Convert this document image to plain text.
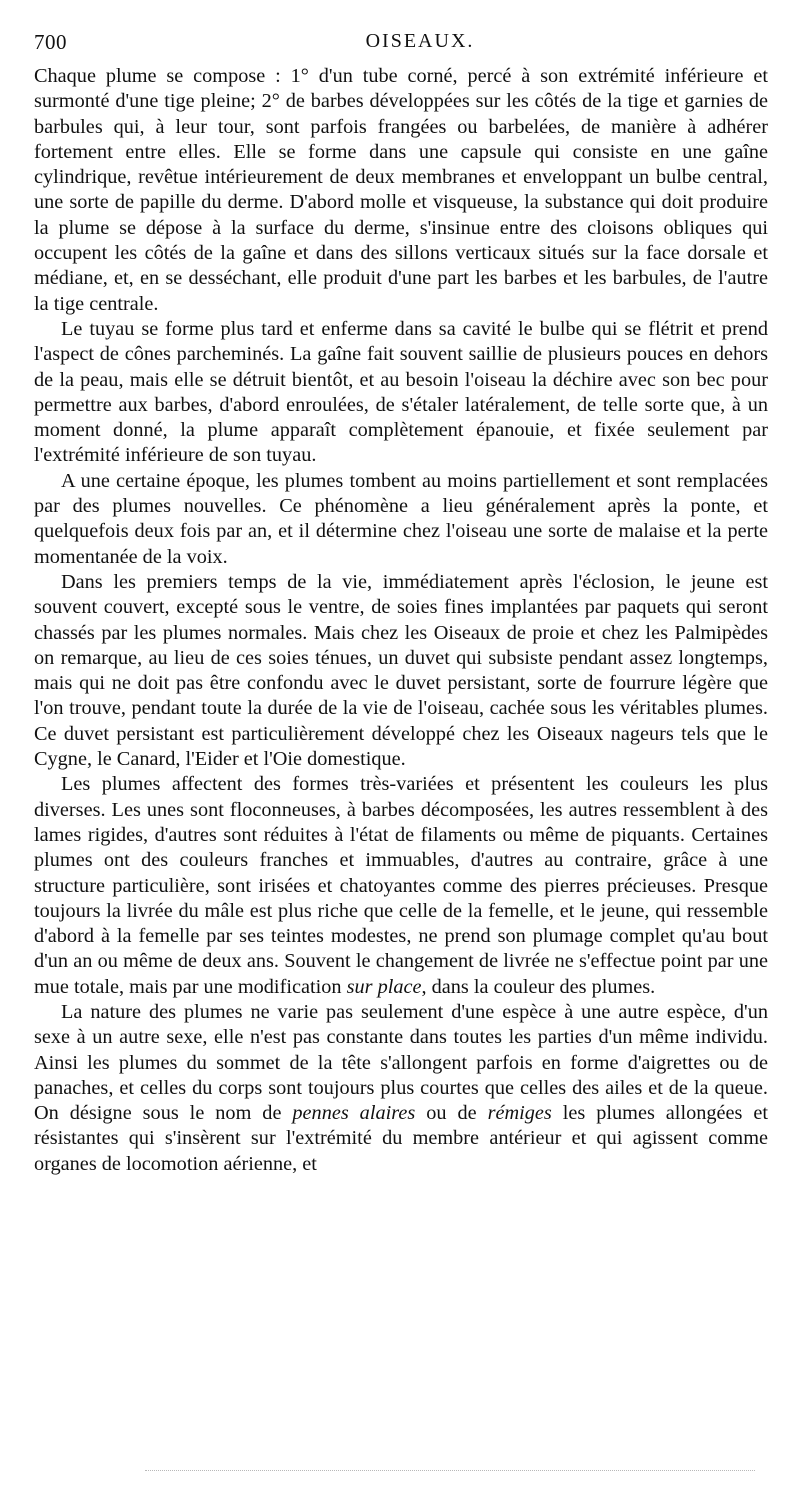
700	OISEAUX.

Chaque plume se compose : 1° d'un tube corné, percé à son extrémité inférieure et surmonté d'une tige pleine; 2° de barbes développées sur les côtés de la tige et garnies de barbules qui, à leur tour, sont parfois frangées ou barbelées, de manière à adhérer fortement entre elles. Elle se forme dans une capsule qui consiste en une gaîne cylindrique, revêtue intérieurement de deux membranes et enveloppant un bulbe central, une sorte de papille du derme. D'abord molle et visqueuse, la substance qui doit produire la plume se dépose à la surface du derme, s'insinue entre des cloisons obliques qui occupent les côtés de la gaîne et dans des sillons verticaux situés sur la face dorsale et médiane, et, en se desséchant, elle produit d'une part les barbes et les barbules, de l'autre la tige centrale.

Le tuyau se forme plus tard et enferme dans sa cavité le bulbe qui se flétrit et prend l'aspect de cônes parcheminés. La gaîne fait souvent saillie de plusieurs pouces en dehors de la peau, mais elle se détruit bientôt, et au besoin l'oiseau la déchire avec son bec pour permettre aux barbes, d'abord enroulées, de s'étaler latéralement, de telle sorte que, à un moment donné, la plume apparaît complètement épanouie, et fixée seulement par l'extrémité inférieure de son tuyau.

A une certaine époque, les plumes tombent au moins partiellement et sont remplacées par des plumes nouvelles. Ce phénomène a lieu généralement après la ponte, et quelquefois deux fois par an, et il détermine chez l'oiseau une sorte de malaise et la perte momentanée de la voix.

Dans les premiers temps de la vie, immédiatement après l'éclosion, le jeune est souvent couvert, excepté sous le ventre, de soies fines implantées par paquets qui seront chassés par les plumes normales. Mais chez les Oiseaux de proie et chez les Palmipèdes on remarque, au lieu de ces soies ténues, un duvet qui subsiste pendant assez longtemps, mais qui ne doit pas être confondu avec le duvet persistant, sorte de fourrure légère que l'on trouve, pendant toute la durée de la vie de l'oiseau, cachée sous les véritables plumes. Ce duvet persistant est particulièrement développé chez les Oiseaux nageurs tels que le Cygne, le Canard, l'Eider et l'Oie domestique.

Les plumes affectent des formes très-variées et présentent les couleurs les plus diverses. Les unes sont floconneuses, à barbes décomposées, les autres ressemblent à des lames rigides, d'autres sont réduites à l'état de filaments ou même de piquants. Certaines plumes ont des couleurs franches et immuables, d'autres au contraire, grâce à une structure particulière, sont irisées et chatoyantes comme des pierres précieuses. Presque toujours la livrée du mâle est plus riche que celle de la femelle, et le jeune, qui ressemble d'abord à la femelle par ses teintes modestes, ne prend son plumage complet qu'au bout d'un an ou même de deux ans. Souvent le changement de livrée ne s'effectue point par une mue totale, mais par une modification sur place, dans la couleur des plumes.

La nature des plumes ne varie pas seulement d'une espèce à une autre espèce, d'un sexe à un autre sexe, elle n'est pas constante dans toutes les parties d'un même individu. Ainsi les plumes du sommet de la tête s'allongent parfois en forme d'aigrettes ou de panaches, et celles du corps sont toujours plus courtes que celles des ailes et de la queue. On désigne sous le nom de pennes alaires ou de rémiges les plumes allongées et résistantes qui s'insèrent sur l'extrémité du membre antérieur et qui agissent comme organes de locomotion aérienne, et
